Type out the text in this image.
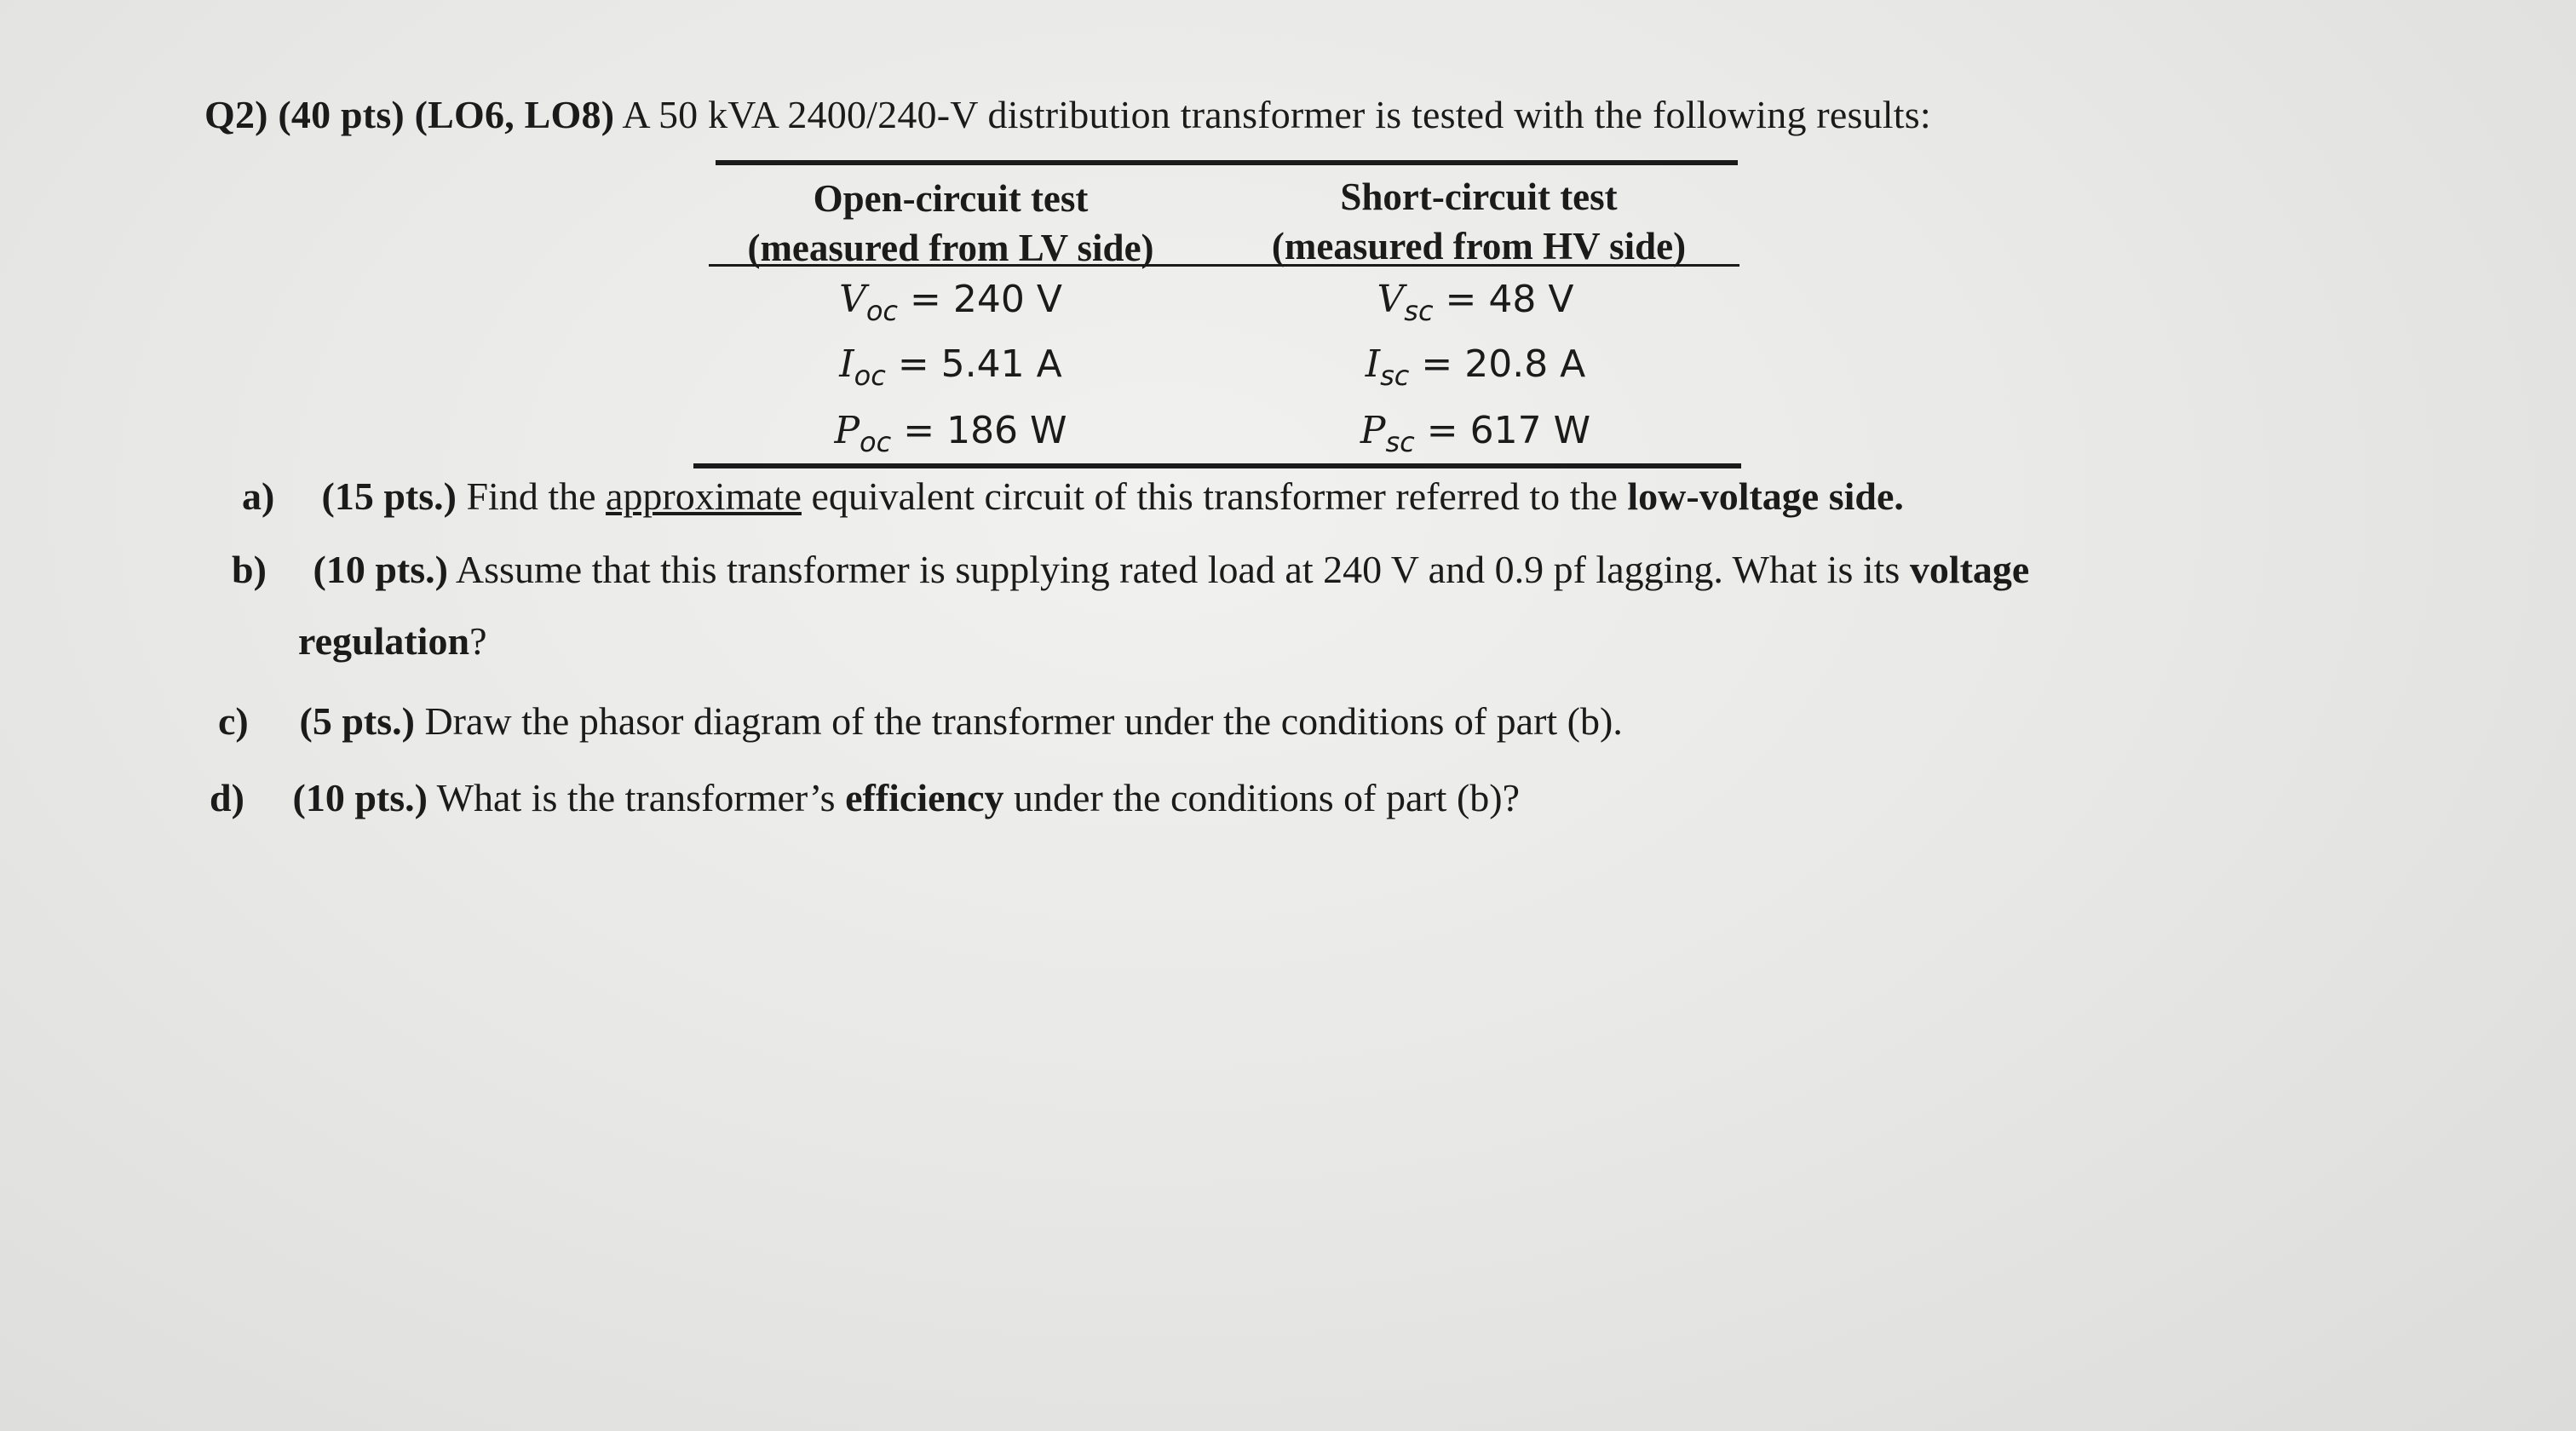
Q2) (40 pts) (LO6, LO8) A 50 kVA 2400/240-V distribution transformer is tested with the following results:
Open-circuit test
(measured from LV side)
Short-circuit test
(measured from HV side)
$V_{oc} = 240$ V
$I_{oc} = 5.41$ A
$P_{oc} = 186$ W
$V_{sc} = 48$ V
$I_{sc} = 20.8$ A
$P_{sc} = 617$ W
a) (15 pts.) Find the approximate equivalent circuit of this transformer referred to the low-voltage side.
b) (10 pts.) Assume that this transformer is supplying rated load at 240 V and 0.9 pf lagging. What is its voltage
regulation?
c) (5 pts.) Draw the phasor diagram of the transformer under the conditions of part (b).
d) (10 pts.) What is the transformer’s efficiency under the conditions of part (b)?
